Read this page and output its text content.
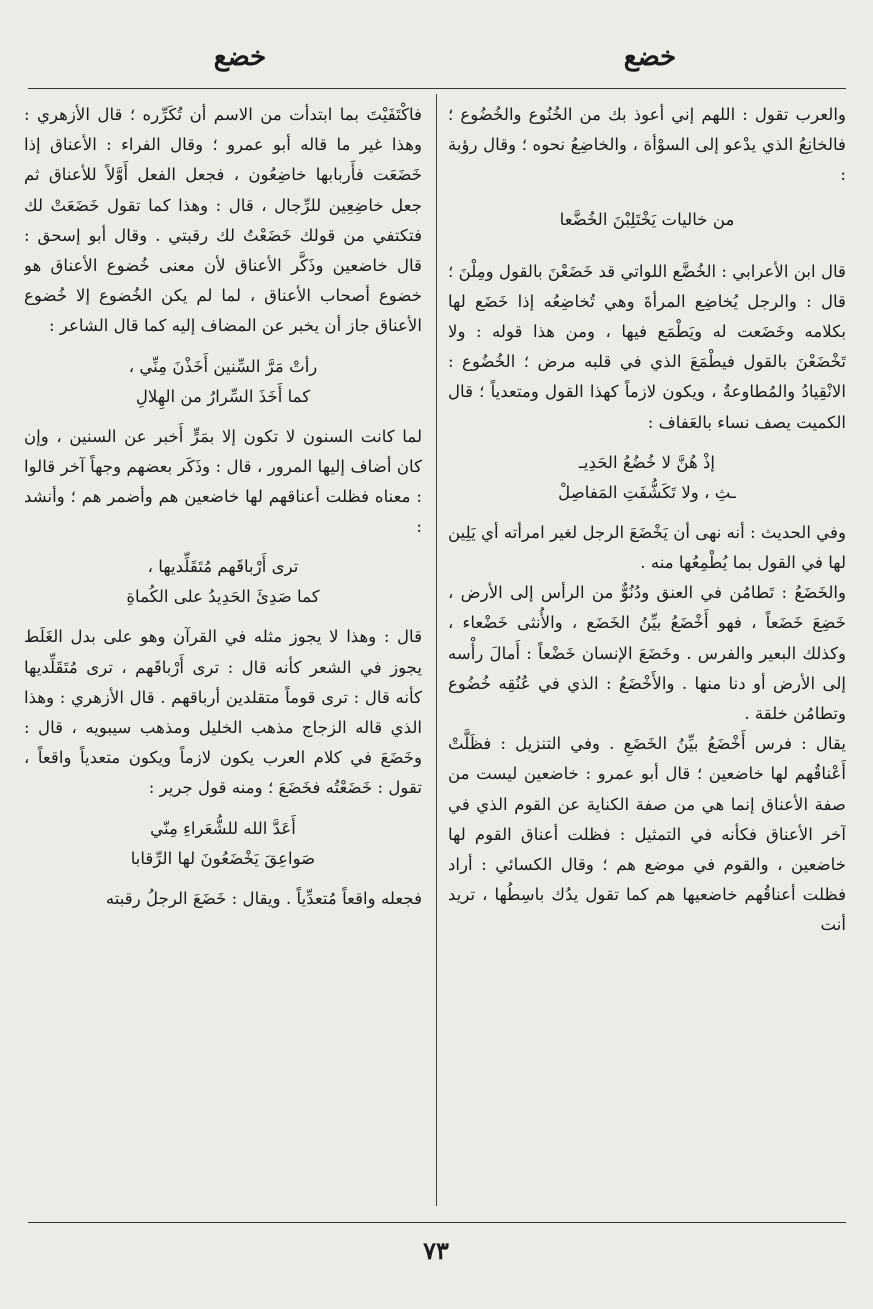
خضع
خضع

والعرب تقول : اللهم إني أعوذ بك من الخُنُوع والخُضُوع ؛ فالخانِعُ الذي يدْعو إلى السوْأة ، والخاضِعُ نحوه ؛ وقال رؤبة :

من خاليات يَخْتَلِبْنَ الخُضَّعا

قال ابن الأعرابي : الخُضَّع اللواتي قد خَضَعْنَ بالقول ومِلْنَ ؛ قال : والرجل يُخاضِع المرأةَ وهي تُخاضِعُه إذا خَضَع لها بكلامه وخَضَعت له ويَطْمَع فيها ، ومن هذا قوله : ولا تَخْضَعْنَ بالقول فيطْمَعَ الذي في قلبه مرض ؛ الخُضُوع : الانْقِيادُ والمُطاوعةُ ، ويكون لازماً كهذا القول ومتعدياً ؛ قال الكميت يصف نساء بالعَفاف :

إذْ هُنَّ لا خُضُعُ الحَدِيـ
ـثِ ، ولا تَكَشُّفَتِ المَفاصِلْ

وفي الحديث : أنه نهى أن يَخْضَعَ الرجل لغير امرأته أي يَلِين لها في القول بما يُطْمِعُها منه .

والخَضَعُ : تَطامُن في العنق ودُنُوٌّ من الرأس إلى الأرض ، خَضِعَ خَضَعاً ، فهو أَخْضَعُ بيِّنُ الخَضَع ، والأُنثى خَضْعاء ، وكذلك البعير والفرس . وخَضَعَ الإنسان خَضْعاً : أَمالَ رأْسه إلى الأرض أو دنا منها . والأَخْضَعُ : الذي في عُنُقِه خُضُوع وتطامُن خلقة .

يقال : فرس أَخْضَعُ بيِّنُ الخَضَعِ . وفي التنزيل : فظَلَّتْ أَعْناقُهم لها خاضعين ؛ قال أبو عمرو : خاضعين ليست من صفة الأعناق إنما هي من صفة الكناية عن القوم الذي في آخر الأعناق فكأنه في التمثيل : فظلت أعناق القوم لها خاضعين ، والقوم في موضع هم ؛ وقال الكسائي : أراد فظلت أعناقُهم خاضعيها هم كما تقول يدُك باسِطُها ، تريد أنت

فاكْتَفَيْتَ بما ابتدأت من الاسم أن تُكَرِّره ؛ قال الأزهري : وهذا غير ما قاله أبو عمرو ؛ وقال الفراء : الأعناق إذا خَضَعَت فأَربابها خاضِعُون ، فجعل الفعل أَوَّلاً للأعناق ثم جعل خاضِعِين للرِّجال ، قال : وهذا كما تقول خَضَعَتْ لك فتكتفي من قولك خَضَعْتُ لك رقبتي . وقال أبو إسحق : قال خاضعين وذَكَّر الأعناق لأن معنى خُضوع الأعناق هو خضوع أصحاب الأعناق ، لما لم يكن الخُضوع إلا خُضوع الأعناق جاز أن يخبر عن المضاف إليه كما قال الشاعر :

رأتْ مَرَّ السِّنين أَخَذْنَ مِنِّي ،
كما أَخَذَ السِّرارُ من الهِلالِ

لما كانت السنون لا تكون إلا بمَرٍّ أَخبر عن السنين ، وإن كان أضاف إليها المرور ، قال : وذَكَر بعضهم وجهاً آخر قالوا : معناه فظلت أعناقهم لها خاضعين هم وأضمر هم ؛ وأنشد :

ترى أَرْباقَهم مُتَقَلِّديها ،
كما صَدِئَ الحَدِيدُ على الكُماةِ

قال : وهذا لا يجوز مثله في القرآن وهو على بدل الغَلَط يجوز في الشعر كأنه قال : ترى أَرْباقَهم ، ترى مُتَقَلِّديها كأنه قال : ترى قوماً متقلدين أرباقهم . قال الأزهري : وهذا الذي قاله الزجاج مذهب الخليل ومذهب سيبويه ، قال : وخَضَعَ في كلام العرب يكون لازماً ويكون متعدياً واقعاً ، تقول : خَضَعْتُه فخَضَعَ ؛ ومنه قول جرير :

أَعَدَّ الله للشُّعَراءِ مِنّي
صَواعِقَ يَخْضَعُونَ لها الرِّقابا

فجعله واقعاً مُتعدِّياً . ويقال : خَضَعَ الرجلُ رقبته

٧٣
